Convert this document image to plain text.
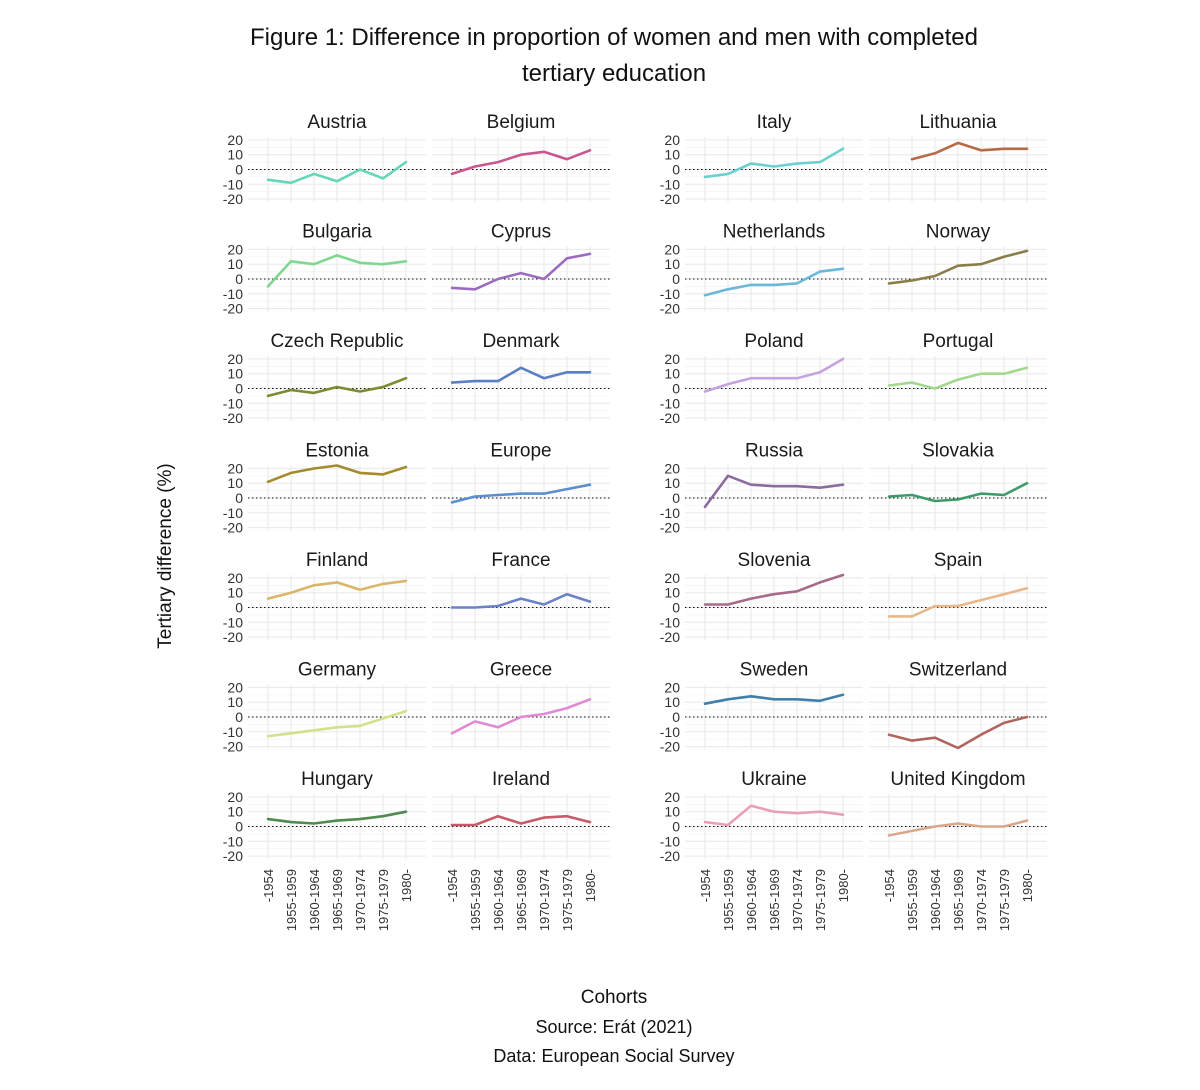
Figure 1: Difference in proportion of women and men with completed
tertiary education
Tertiary difference (%)
Austria
20
10
0
-10
-20
Belgium	Italy
20
10
0
-10
-20
Lithuania
Bulgaria
20
10
0
-10
-20
Cyprus	Netherlands
20
10
0
-10
-20
Norway
Czech Republic
20
10
0
-10
-20
Denmark	Poland
20
10
0
-10
-20
Portugal
Estonia
20
10
0
-10
-20
Europe	Russia
20
10
0
-10
-20
Slovakia
Finland
20
10
0
-10
-20
France	Slovenia
20
10
0
-10
-20
Spain
Germany
20
10
0
-10
-20
Greece	Sweden
20
10
0
-10
-20
Switzerland
Hungary
20
10
0
-10
-20
-1954 1955-1959 1960-1964 1965-1969 1970-1974 1975-1979 1980-
Ireland
-1954 1955-1959 1960-1964 1965-1969 1970-1974 1975-1979 1980-
Ukraine
20
10
0
-10
-20
-1954 1955-1959 1960-1964 1965-1969 1970-1974 1975-1979 1980-
United Kingdom
-1954 1955-1959 1960-1964 1965-1969 1970-1974 1975-1979 1980-
Cohorts
Source: Erát (2021)
Data: European Social Survey
